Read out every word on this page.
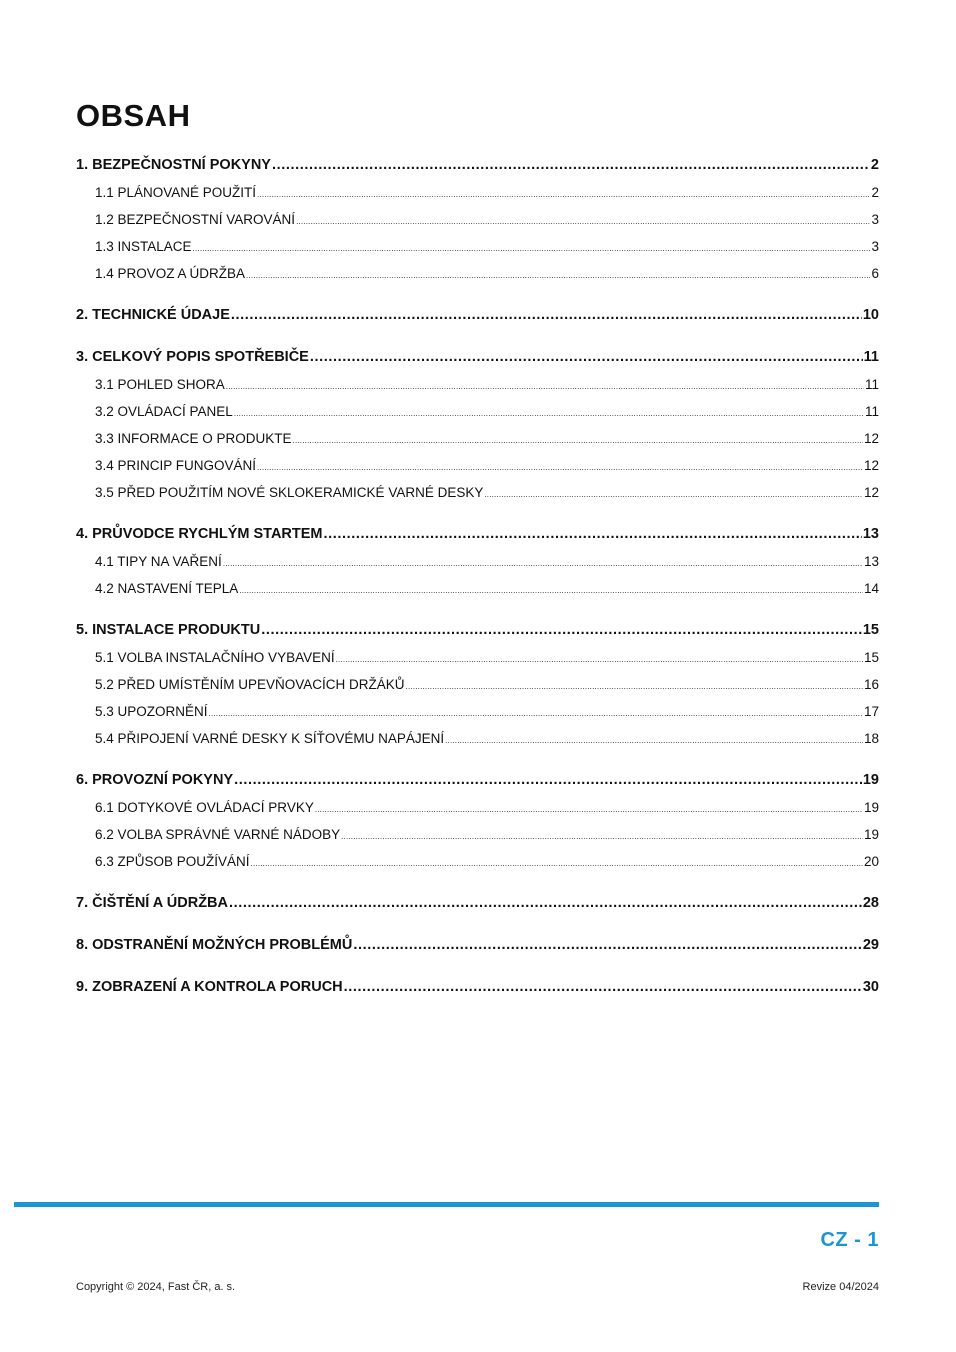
OBSAH
1. BEZPEČNOSTNÍ POKYNY .....	2
1.1 PLÁNOVANÉ POUŽITÍ .....	2
1.2 BEZPEČNOSTNÍ VAROVÁNÍ .....	3
1.3 INSTALACE .....	3
1.4 PROVOZ A ÚDRŽBA .....	6
2. TECHNICKÉ ÚDAJE .....	10
3. CELKOVÝ POPIS SPOTŘEBIČE .....	11
3.1 POHLED SHORA .....	11
3.2 OVLÁDACÍ PANEL .....	11
3.3 INFORMACE O PRODUKTE .....	12
3.4 PRINCIP FUNGOVÁNÍ .....	12
3.5 PŘED POUŽITÍM NOVÉ SKLOKERAMICKÉ VARNÉ DESKY .....	12
4. PRŮVODCE RYCHLÝM STARTEM .....	13
4.1 TIPY NA VAŘENÍ .....	13
4.2 NASTAVENÍ TEPLA .....	14
5. INSTALACE PRODUKTU .....	15
5.1 VOLBA INSTALAČNÍHO VYBAVENÍ .....	15
5.2 PŘED UMÍSTĚNÍM UPEVŇOVACÍCH DRŽÁKŮ .....	16
5.3 UPOZORNĚNÍ .....	17
5.4 PŘIPOJENÍ VARNÉ DESKY K SÍŤOVÉMU NAPÁJENÍ .....	18
6. PROVOZNÍ POKYNY .....	19
6.1 DOTYKOVÉ OVLÁDACÍ PRVKY .....	19
6.2 VOLBA SPRÁVNÉ VARNÉ NÁDOBY .....	19
6.3 ZPŮSOB POUŽÍVÁNÍ .....	20
7. ČIŠTĚNÍ A ÚDRŽBA .....	28
8. ODSTRANĚNÍ MOŽNÝCH PROBLÉMŮ .....	29
9. ZOBRAZENÍ A KONTROLA PORUCH .....	30
CZ - 1
Copyright © 2024, Fast ČR, a. s.	Revize 04/2024
